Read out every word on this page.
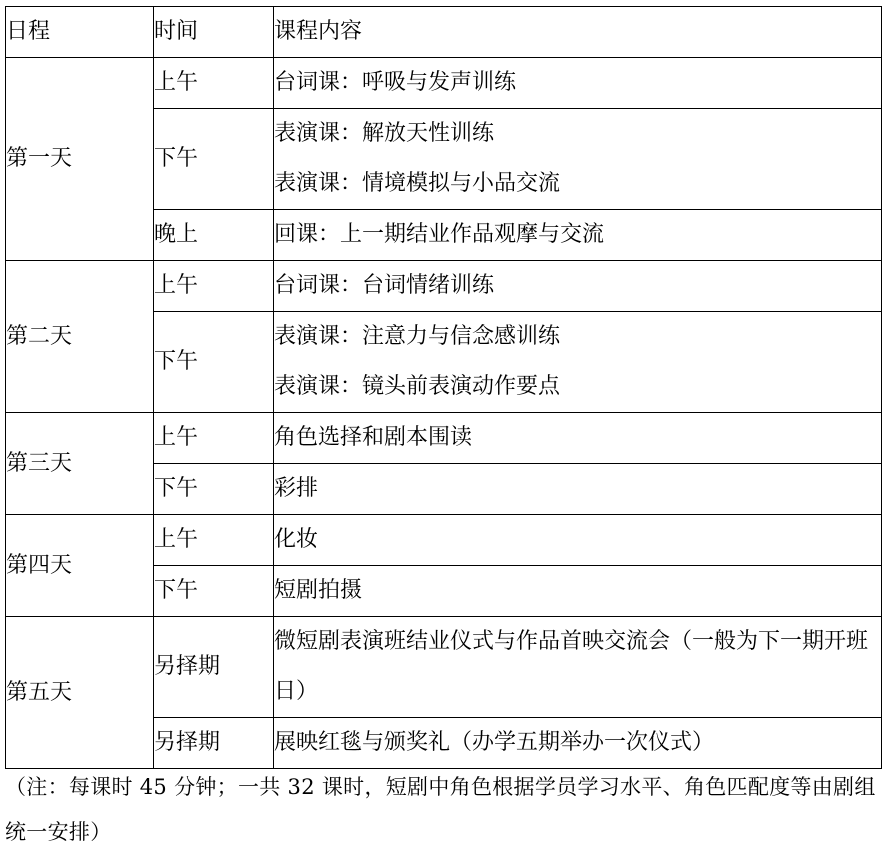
日程	时间	课程内容
第一天	上午	台词课：呼吸与发声训练

	下午	表演课：解放天性训练
表演课：情境模拟与小品交流

	晚上	回课：上一期结业作品观摩与交流

第二天	上午	台词课：台词情绪训练

	下午	表演课：注意力与信念感训练
表演课：镜头前表演动作要点

第三天	上午	角色选择和剧本围读

	下午	彩排

第四天	上午	化妆

	下午	短剧拍摄

第五天	另择期	微短剧表演班结业仪式与作品首映交流会（一般为下一期开班日）

	另择期	展映红毯与颁奖礼（办学五期举办一次仪式）
（注：每课时 45 分钟；一共 32 课时，短剧中角色根据学员学习水平、角色匹配度等由剧组统一安排）
